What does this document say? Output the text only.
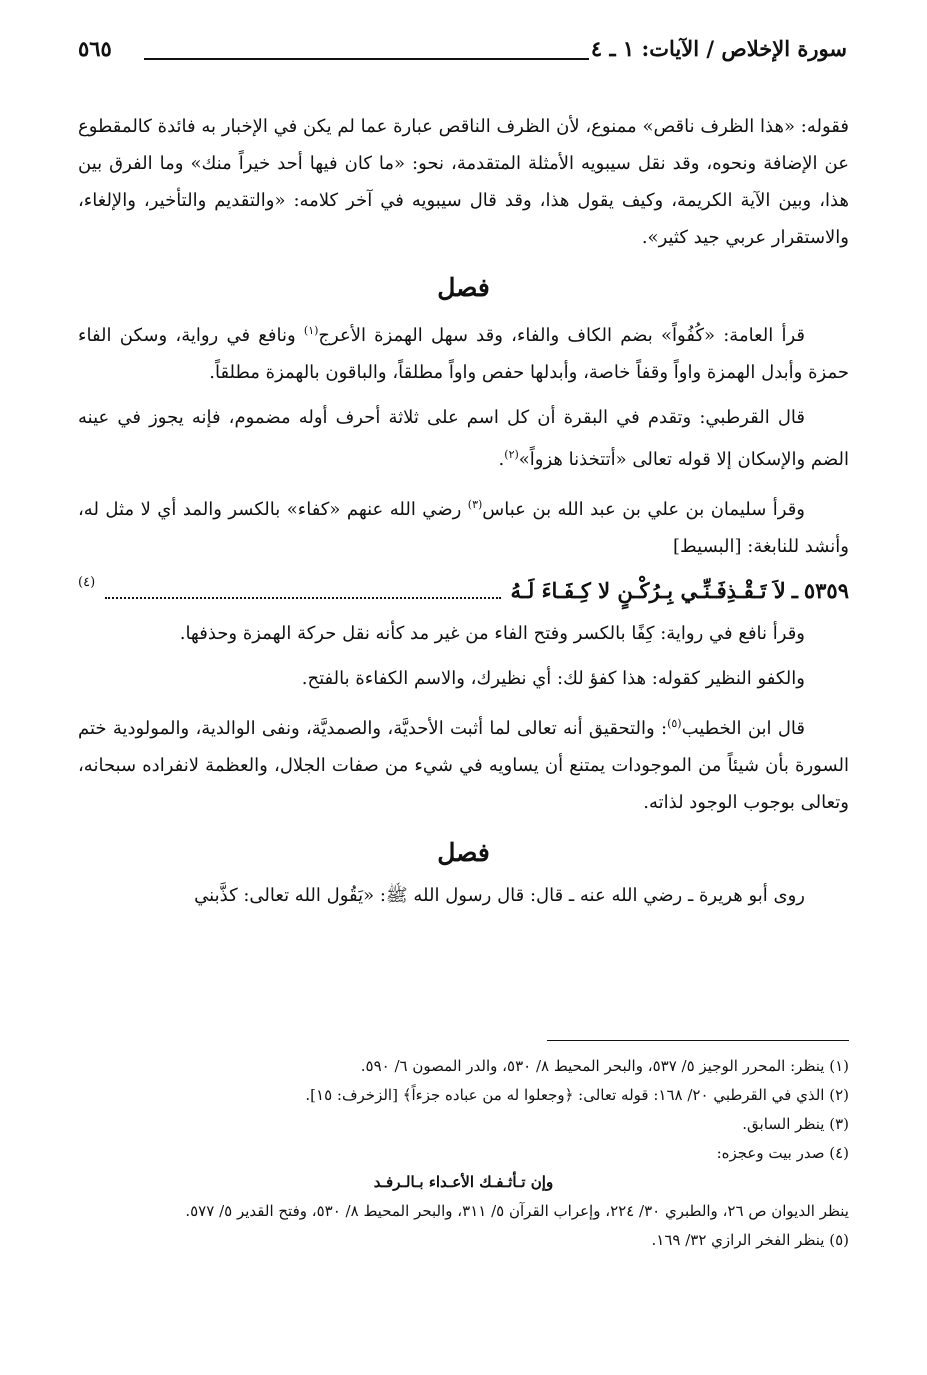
سورة الإخلاص / الآيات: ١ ـ ٤
٥٦٥

فقوله: «هذا الظرف ناقص» ممنوع، لأن الظرف الناقص عبارة عما لم يكن في الإخبار به فائدة كالمقطوع عن الإضافة ونحوه، وقد نقل سيبويه الأمثلة المتقدمة، نحو: «ما كان فيها أحد خيراً منك» وما الفرق بين هذا، وبين الآية الكريمة، وكيف يقول هذا، وقد قال سيبويه في آخر كلامه: «والتقديم والتأخير، والإلغاء، والاستقرار عربي جيد كثير».

فصل

قرأ العامة: «كُفُواً» بضم الكاف والفاء، وقد سهل الهمزة الأعرج$^{(١)}$ ونافع في رواية، وسكن الفاء حمزة وأبدل الهمزة واواً وقفاً خاصة، وأبدلها حفص واواً مطلقاً، والباقون بالهمزة مطلقاً.

قال القرطبي: وتقدم في البقرة أن كل اسم على ثلاثة أحرف أوله مضموم، فإنه يجوز في عينه الضم والإسكان إلا قوله تعالى «أتتخذنا هزواً»$^{(٢)}$.

وقرأ سليمان بن علي بن عبد الله بن عباس$^{(٣)}$ رضي الله عنهم «كفاء» بالكسر والمد أي لا مثل له، وأنشد للنابغة: [البسيط]

٥٣٥٩
ـ
لاَ تَـقْـذِفَـنِّـي بِـرُكْـنٍ لا كِـفَـاءَ لَـهُ
(٤)

وقرأ نافع في رواية: كِفًا بالكسر وفتح الفاء من غير مد كأنه نقل حركة الهمزة وحذفها.

والكفو النظير كقوله: هذا كفؤ لك: أي نظيرك، والاسم الكفاءة بالفتح.

قال ابن الخطيب$^{(٥)}$: والتحقيق أنه تعالى لما أثبت الأحديَّة، والصمديَّة، ونفى الوالدية، والمولودية ختم السورة بأن شيئاً من الموجودات يمتنع أن يساويه في شيء من صفات الجلال، والعظمة لانفراده سبحانه، وتعالى بوجوب الوجود لذاته.

فصل

روى أبو هريرة ـ رضي الله عنه ـ قال: قال رسول الله ﷺ: «يَقُول الله تعالى: كذَّبني

(١) ينظر: المحرر الوجيز ٥/ ٥٣٧، والبحر المحيط ٨/ ٥٣٠، والدر المصون ٦/ ٥٩٠.

(٢) الذي في القرطبي ٢٠/ ١٦٨: قوله تعالى: ﴿وجعلوا له من عباده جزءاً﴾ [الزخرف: ١٥].

(٣) ينظر السابق.

(٤) صدر بيت وعجزه:

وإن تـأثـفـك الأعـداء بـالـرفـد

ينظر الديوان ص ٢٦، والطبري ٣٠/ ٢٢٤، وإعراب القرآن ٥/ ٣١١، والبحر المحيط ٨/ ٥٣٠، وفتح القدير ٥/ ٥٧٧.

(٥) ينظر الفخر الرازي ٣٢/ ١٦٩.
